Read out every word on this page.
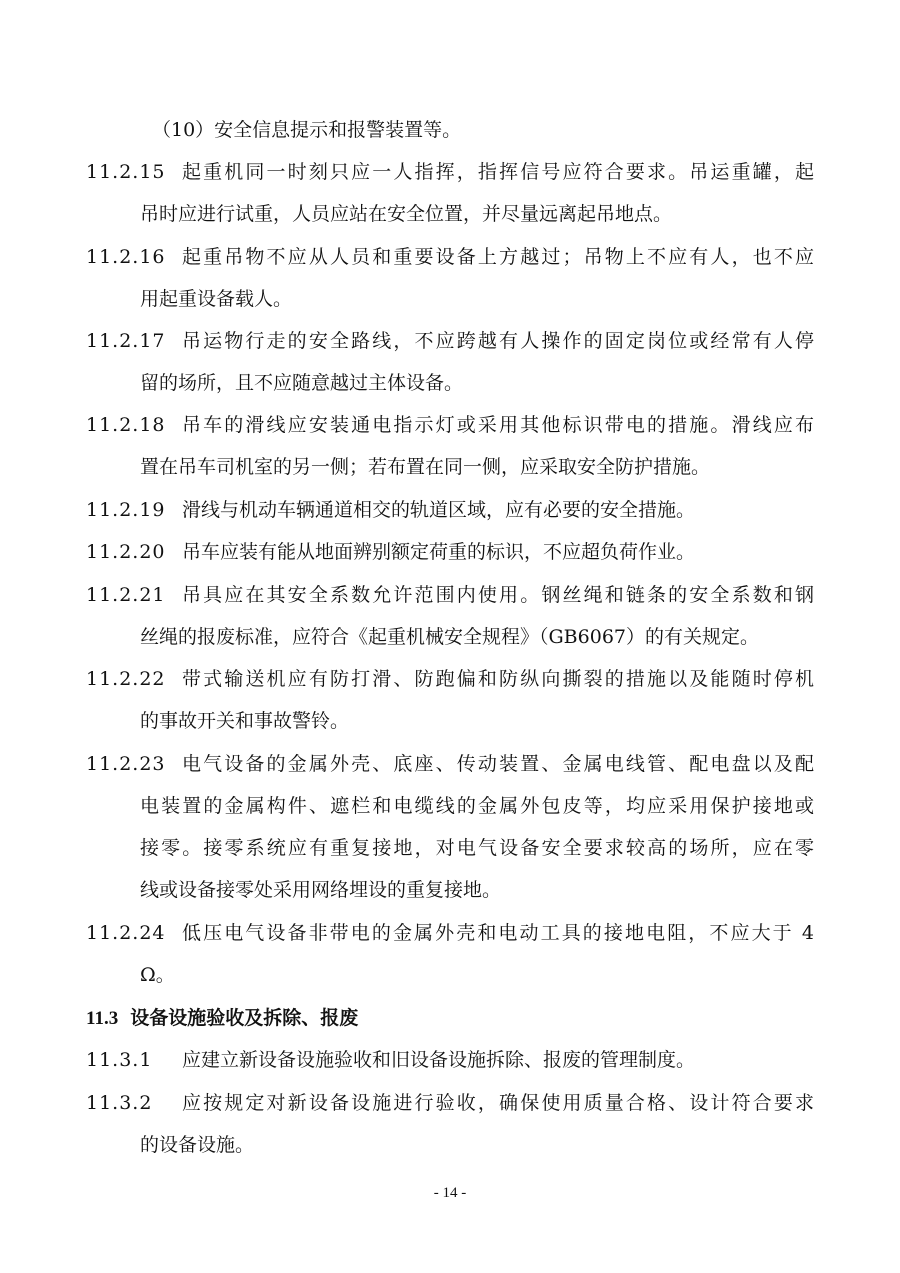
（10）安全信息提示和报警装置等。
11.2.15 起重机同一时刻只应一人指挥，指挥信号应符合要求。吊运重罐，起
吊时应进行试重，人员应站在安全位置，并尽量远离起吊地点。
11.2.16 起重吊物不应从人员和重要设备上方越过；吊物上不应有人，也不应
用起重设备载人。
11.2.17 吊运物行走的安全路线，不应跨越有人操作的固定岗位或经常有人停
留的场所，且不应随意越过主体设备。
11.2.18 吊车的滑线应安装通电指示灯或采用其他标识带电的措施。滑线应布
置在吊车司机室的另一侧；若布置在同一侧，应采取安全防护措施。
11.2.19 滑线与机动车辆通道相交的轨道区域，应有必要的安全措施。
11.2.20 吊车应装有能从地面辨别额定荷重的标识，不应超负荷作业。
11.2.21 吊具应在其安全系数允许范围内使用。钢丝绳和链条的安全系数和钢
丝绳的报废标准，应符合《起重机械安全规程》（GB6067）的有关规定。
11.2.22 带式输送机应有防打滑、防跑偏和防纵向撕裂的措施以及能随时停机
的事故开关和事故警铃。
11.2.23 电气设备的金属外壳、底座、传动装置、金属电线管、配电盘以及配
电装置的金属构件、遮栏和电缆线的金属外包皮等，均应采用保护接地或
接零。接零系统应有重复接地，对电气设备安全要求较高的场所，应在零
线或设备接零处采用网络埋设的重复接地。
11.2.24 低压电气设备非带电的金属外壳和电动工具的接地电阻，不应大于 4
Ω。
11.3 设备设施验收及拆除、报废
11.3.1 应建立新设备设施验收和旧设备设施拆除、报废的管理制度。
11.3.2 应按规定对新设备设施进行验收，确保使用质量合格、设计符合要求
的设备设施。
- 14 -
